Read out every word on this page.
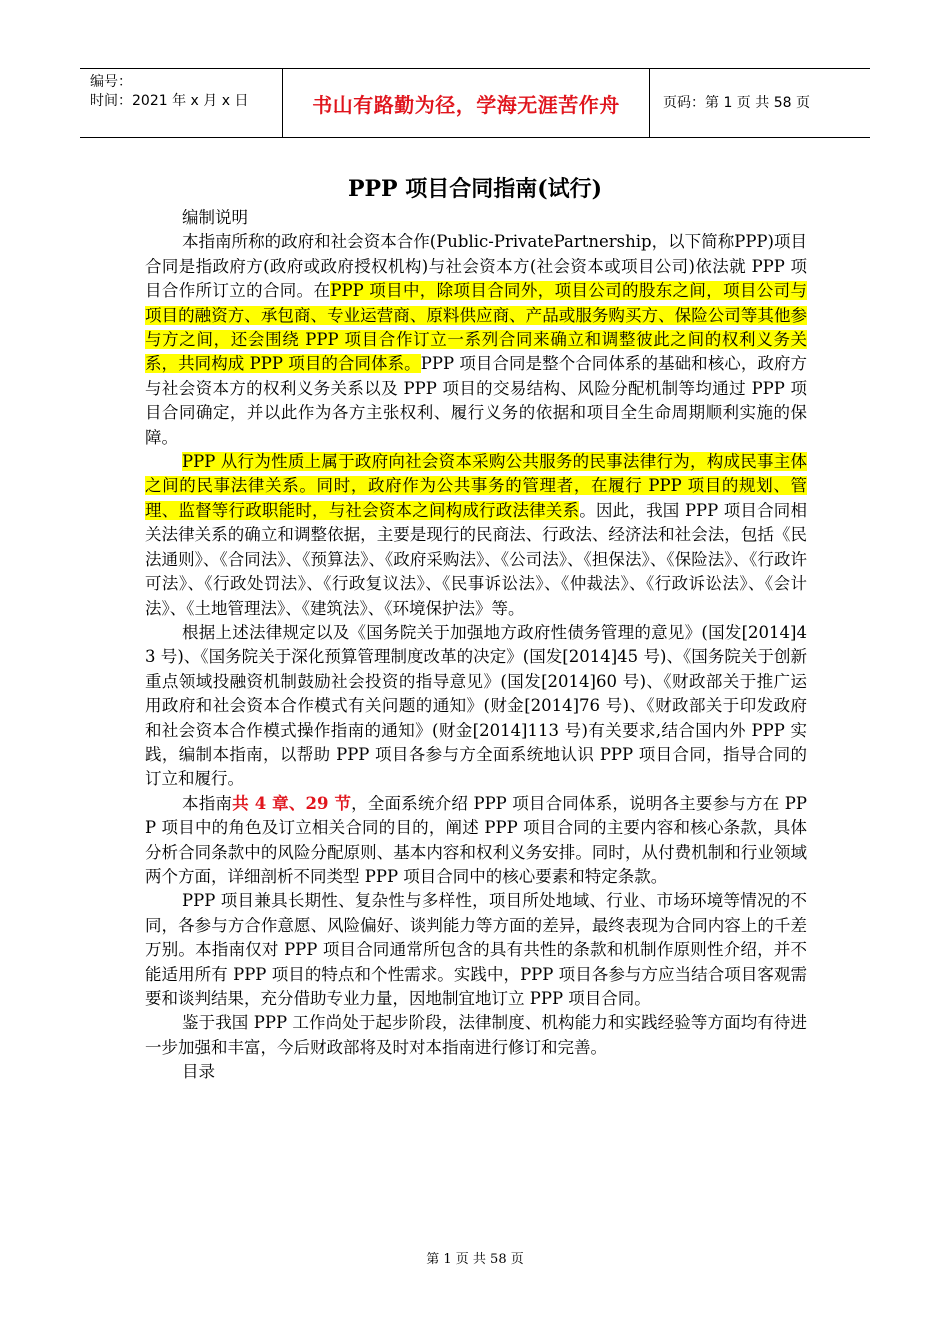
编号：
时间：2021 年 x 月 x 日	书山有路勤为径，学海无涯苦作舟	页码：第 1 页 共 58 页
PPP 项目合同指南(试行)

编制说明

本指南所称的政府和社会资本合作(Public-PrivatePartnership，以下简称PPP)项目合同是指政府方(政府或政府授权机构)与社会资本方(社会资本或项目公司)依法就 PPP 项目合作所订立的合同。在PPP 项目中，除项目合同外，项目公司的股东之间，项目公司与项目的融资方、承包商、专业运营商、原料供应商、产品或服务购买方、保险公司等其他参与方之间，还会围绕 PPP 项目合作订立一系列合同来确立和调整彼此之间的权利义务关系，共同构成 PPP 项目的合同体系。PPP 项目合同是整个合同体系的基础和核心，政府方与社会资本方的权利义务关系以及 PPP 项目的交易结构、风险分配机制等均通过 PPP 项目合同确定，并以此作为各方主张权利、履行义务的依据和项目全生命周期顺利实施的保障。

PPP 从行为性质上属于政府向社会资本采购公共服务的民事法律行为，构成民事主体之间的民事法律关系。同时，政府作为公共事务的管理者，在履行 PPP 项目的规划、管理、监督等行政职能时，与社会资本之间构成行政法律关系。因此，我国 PPP 项目合同相关法律关系的确立和调整依据，主要是现行的民商法、行政法、经济法和社会法，包括《民法通则》、《合同法》、《预算法》、《政府采购法》、《公司法》、《担保法》、《保险法》、《行政许可法》、《行政处罚法》、《行政复议法》、《民事诉讼法》、《仲裁法》、《行政诉讼法》、《会计法》、《土地管理法》、《建筑法》、《环境保护法》等。

根据上述法律规定以及《国务院关于加强地方政府性债务管理的意见》(国发[2014]43 号)、《国务院关于深化预算管理制度改革的决定》(国发[2014]45 号)、《国务院关于创新重点领域投融资机制鼓励社会投资的指导意见》(国发[2014]60 号)、《财政部关于推广运用政府和社会资本合作模式有关问题的通知》(财金[2014]76 号)、《财政部关于印发政府和社会资本合作模式操作指南的通知》(财金[2014]113 号)有关要求,结合国内外 PPP 实践，编制本指南，以帮助 PPP 项目各参与方全面系统地认识 PPP 项目合同，指导合同的订立和履行。

本指南共 4 章、29 节，全面系统介绍 PPP 项目合同体系，说明各主要参与方在 PPP 项目中的角色及订立相关合同的目的，阐述 PPP 项目合同的主要内容和核心条款，具体分析合同条款中的风险分配原则、基本内容和权利义务安排。同时，从付费机制和行业领域两个方面，详细剖析不同类型 PPP 项目合同中的核心要素和特定条款。

PPP 项目兼具长期性、复杂性与多样性，项目所处地域、行业、市场环境等情况的不同，各参与方合作意愿、风险偏好、谈判能力等方面的差异，最终表现为合同内容上的千差万别。本指南仅对 PPP 项目合同通常所包含的具有共性的条款和机制作原则性介绍，并不能适用所有 PPP 项目的特点和个性需求。实践中，PPP 项目各参与方应当结合项目客观需要和谈判结果，充分借助专业力量，因地制宜地订立 PPP 项目合同。

鉴于我国 PPP 工作尚处于起步阶段，法律制度、机构能力和实践经验等方面均有待进一步加强和丰富，今后财政部将及时对本指南进行修订和完善。

目录

第 1 页 共 58 页
